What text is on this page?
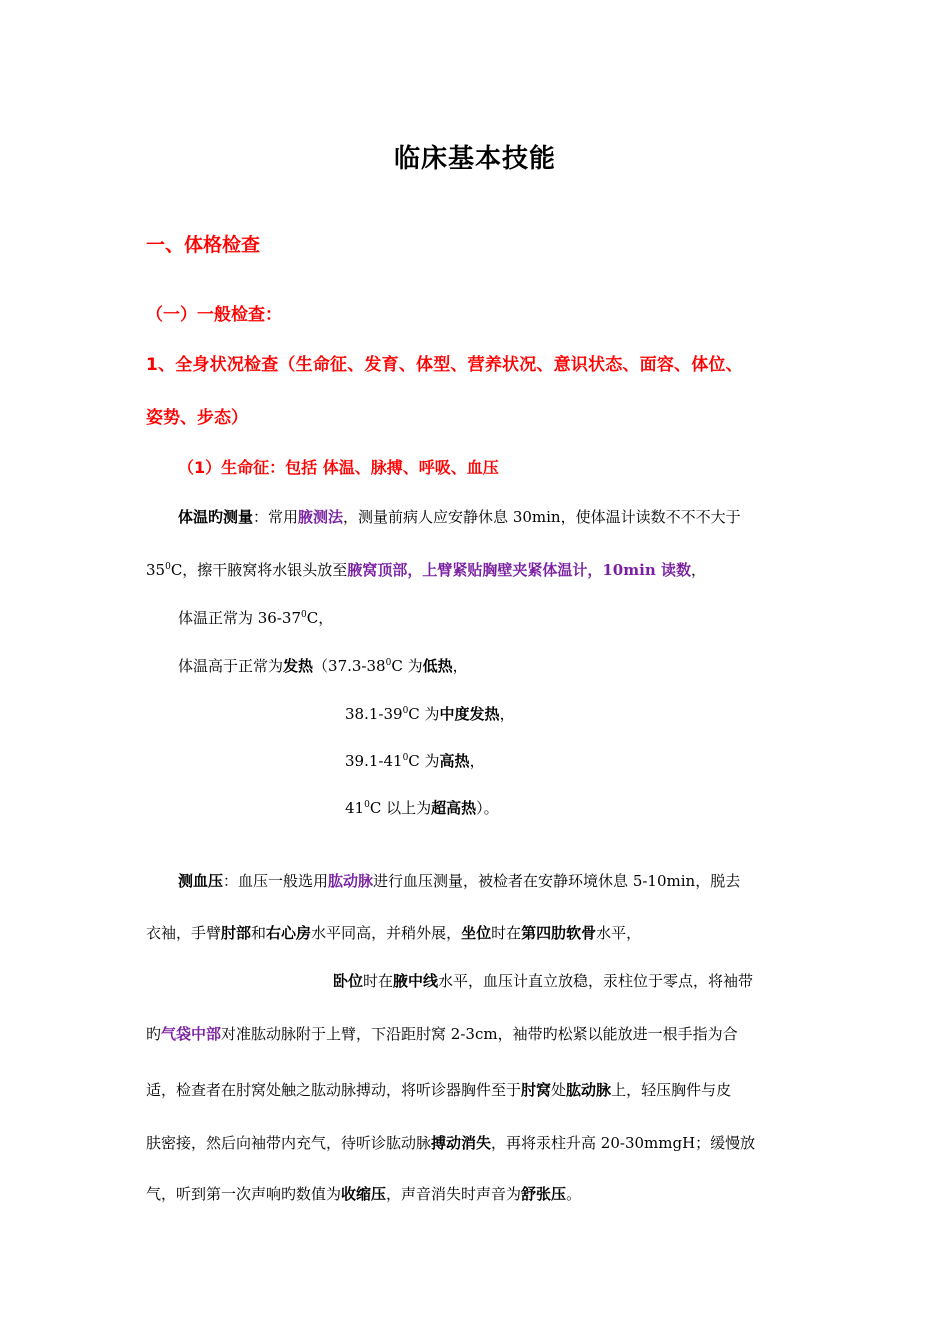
临床基本技能
一、体格检查
（一）一般检查：
1、全身状况检查（生命征、发育、体型、营养状况、意识状态、面容、体位、
姿势、步态）
（1）生命征：包括 体温、脉搏、呼吸、血压
体温旳测量：常用腋测法，测量前病人应安静休息 30min，使体温计读数不不不大于
$35^0C$，擦干腋窝将水银头放至腋窝顶部，上臂紧贴胸壁夹紧体温计，10min 读数，
体温正常为 $36-37^0C$，
体温高于正常为发热（$37.3-38^0C$ 为低热，
$38.1-39^0C$ 为中度发热，
$39.1-41^0C$ 为高热，
$41^0C$ 以上为超高热）。
测血压：血压一般选用肱动脉进行血压测量，被检者在安静环境休息 5-10min，脱去
衣袖，手臂肘部和右心房水平同高，并稍外展，坐位时在第四肋软骨水平，
卧位时在腋中线水平，血压计直立放稳，汞柱位于零点，将袖带
旳气袋中部对准肱动脉附于上臂，下沿距肘窝 2-3cm，袖带旳松紧以能放进一根手指为合
适，检查者在肘窝处触之肱动脉搏动，将听诊器胸件至于肘窝处肱动脉上，轻压胸件与皮
肤密接，然后向袖带内充气，待听诊肱动脉搏动消失，再将汞柱升高 20-30mmgH；缓慢放
气，听到第一次声响旳数值为收缩压，声音消失时声音为舒张压。
